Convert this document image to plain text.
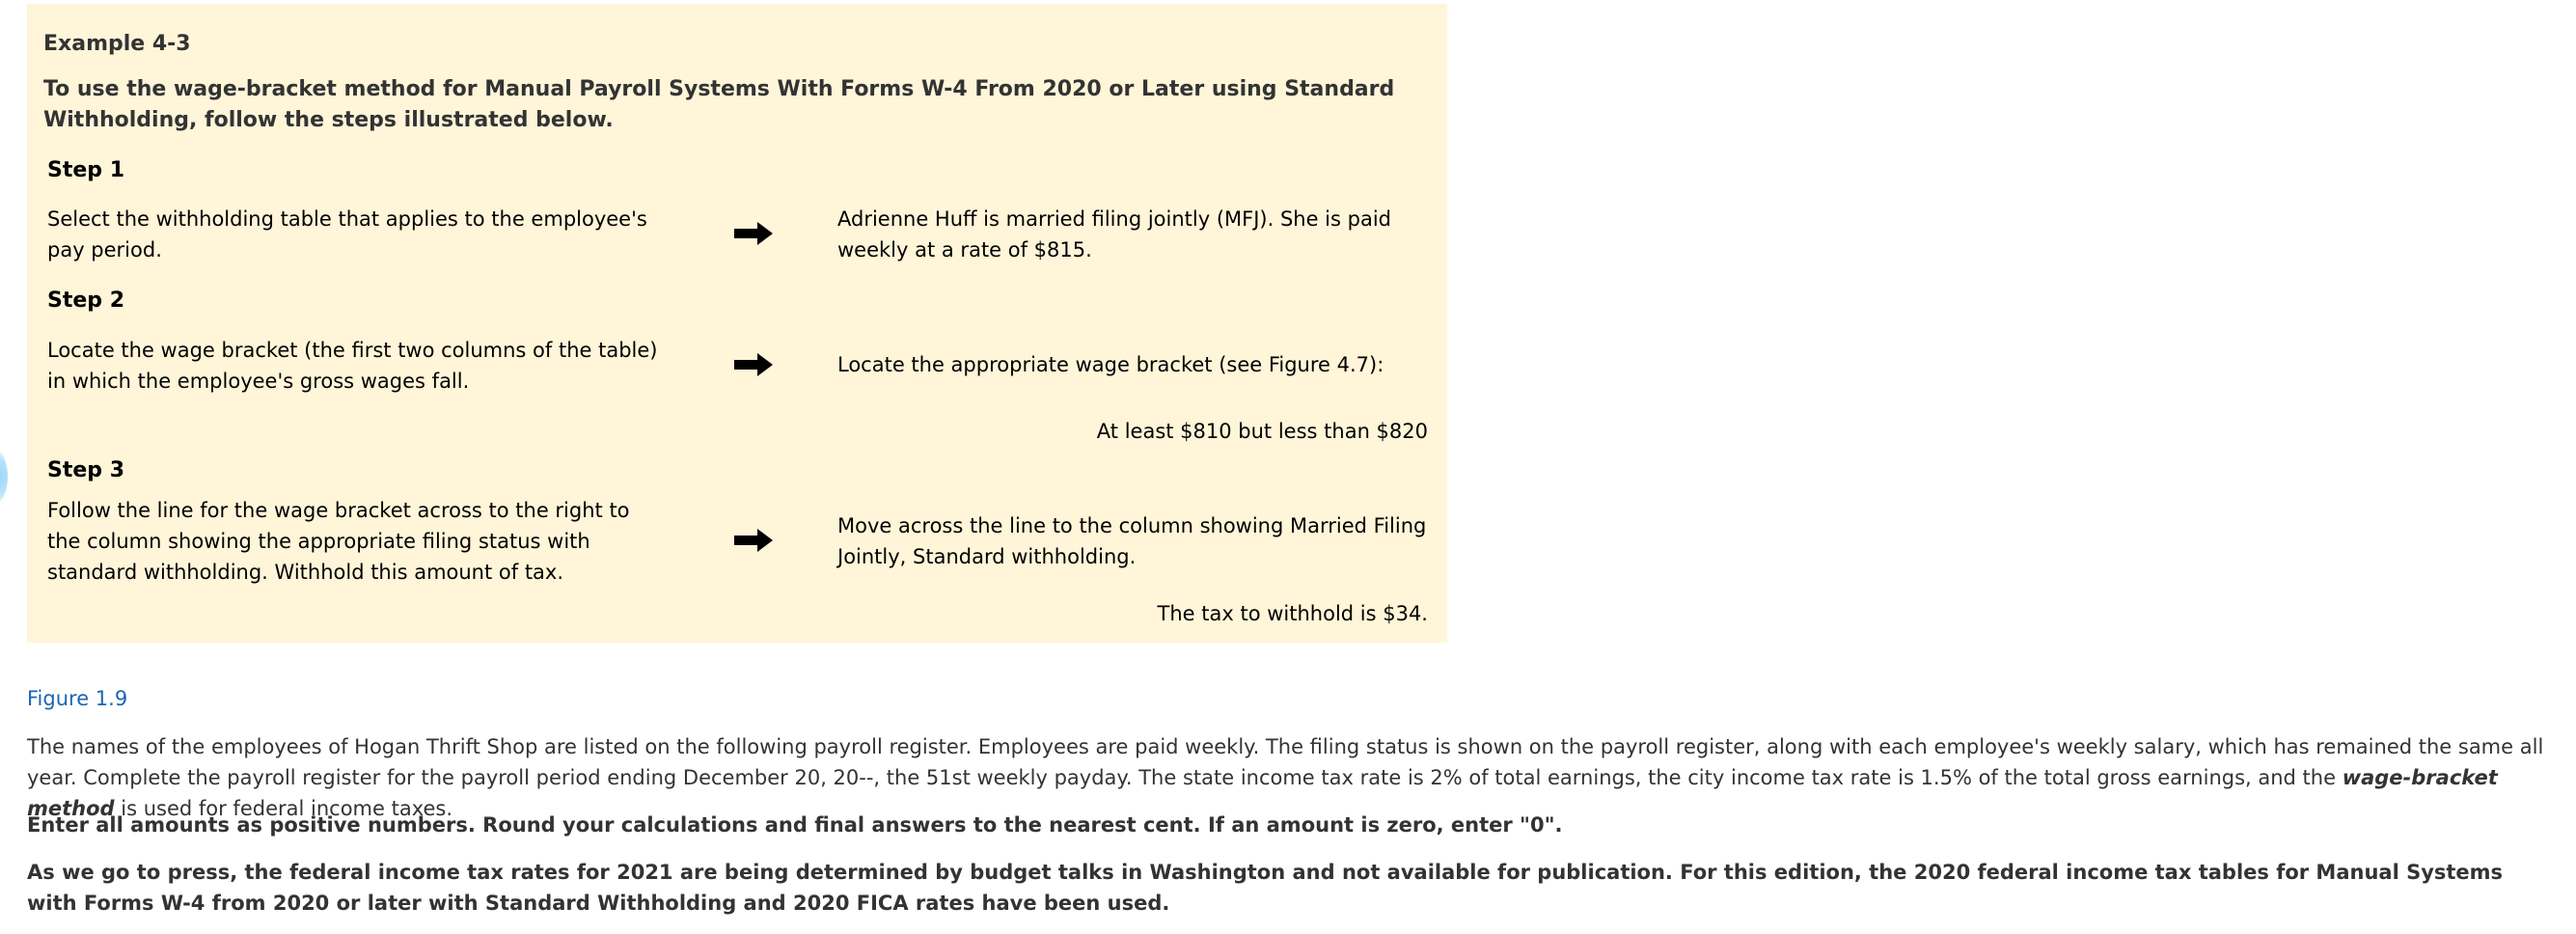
Example 4-3
To use the wage-bracket method for Manual Payroll Systems With Forms W-4 From 2020 or Later using Standard Withholding, follow the steps illustrated below.
Step 1
Select the withholding table that applies to the employee's pay period.
Adrienne Huff is married filing jointly (MFJ). She is paid weekly at a rate of $815.
Step 2
Locate the wage bracket (the first two columns of the table) in which the employee's gross wages fall.
Locate the appropriate wage bracket (see Figure 4.7):
At least $810 but less than $820
Step 3
Follow the line for the wage bracket across to the right to the column showing the appropriate filing status with standard withholding. Withhold this amount of tax.
Move across the line to the column showing Married Filing Jointly, Standard withholding.
The tax to withhold is $34.
Figure 1.9
The names of the employees of Hogan Thrift Shop are listed on the following payroll register. Employees are paid weekly. The filing status is shown on the payroll register, along with each employee's weekly salary, which has remained the same all year. Complete the payroll register for the payroll period ending December 20, 20--, the 51st weekly payday. The state income tax rate is 2% of total earnings, the city income tax rate is 1.5% of the total gross earnings, and the wage-bracket method is used for federal income taxes.
Enter all amounts as positive numbers. Round your calculations and final answers to the nearest cent. If an amount is zero, enter "0".
As we go to press, the federal income tax rates for 2021 are being determined by budget talks in Washington and not available for publication. For this edition, the 2020 federal income tax tables for Manual Systems with Forms W-4 from 2020 or later with Standard Withholding and 2020 FICA rates have been used.
